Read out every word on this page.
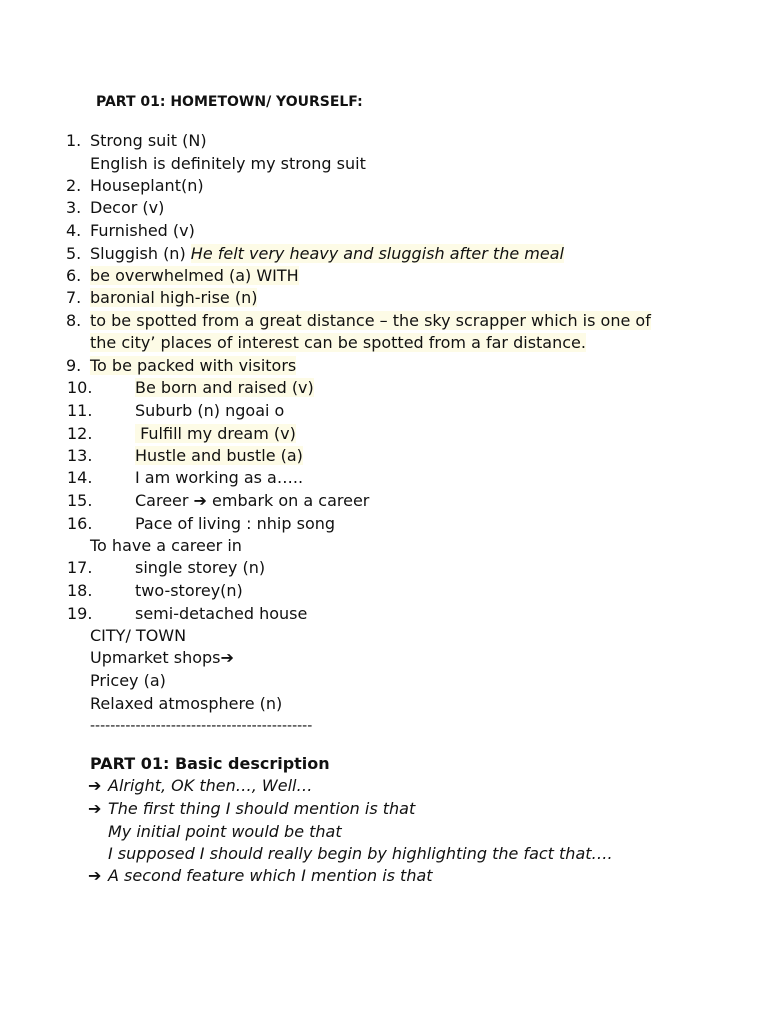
PART 01: HOMETOWN/ YOURSELF:
1. Strong suit (N)
English is definitely my strong suit
2. Houseplant(n)
3. Decor (v)
4. Furnished (v)
5. Sluggish (n) He felt very heavy and sluggish after the meal
6. be overwhelmed (a) WITH
7. baronial high-rise (n)
8. to be spotted from a great distance – the sky scrapper which is one of
the city’ places of interest can be spotted from a far distance.
9. To be packed with visitors
10.	Be born and raised (v)
11.	Suburb (n) ngoai o
12.	Fulfill my dream (v)
13.	Hustle and bustle (a)
14.	I am working as a…..
15.	Career ➔ embark on a career
16.	Pace of living : nhip song
To have a career in
17.	single storey (n)
18.	two-storey(n)
19.	semi-detached house
CITY/ TOWN
Upmarket shops➔
Pricey (a)
Relaxed atmosphere (n)
--------------------------------------------
PART 01: Basic description
➔ Alright, OK then…, Well…
➔ The first thing I should mention is that
My initial point would be that
I supposed I should really begin by highlighting the fact that….
➔ A second feature which I mention is that
